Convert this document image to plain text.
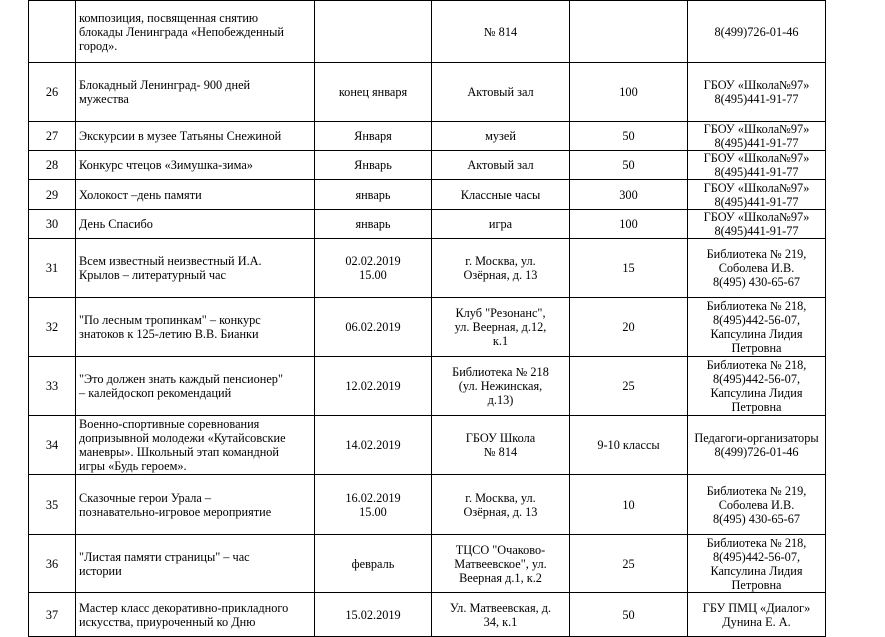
	композиция, посвященная снятию
блокады Ленинграда «Непобежденный
город».		№ 814		8(499)726-01-46

26	Блокадный Ленинград- 900 дней
мужества	конец января	Актовый зал	100	ГБОУ «Школа№97»
8(495)441-91-77

27	Экскурсии в музее Татьяны Снежиной	Января	музей	50	ГБОУ «Школа№97»
8(495)441-91-77

28	Конкурс чтецов «Зимушка-зима»	Январь	Актовый зал	50	ГБОУ «Школа№97»
8(495)441-91-77

29	Холокост –день памяти	январь	Классные часы	300	ГБОУ «Школа№97»
8(495)441-91-77

30	День Спасибо	январь	игра	100	ГБОУ «Школа№97»
8(495)441-91-77

31	Всем известный неизвестный И.А.
Крылов – литературный час	02.02.2019
15.00	г. Москва, ул.
Озёрная, д. 13	15	Библиотека № 219,
Соболева И.В.
8(495) 430-65-67

32	"По лесным тропинкам" – конкурс
знатоков к 125-летию В.В. Бианки	06.02.2019	Клуб "Резонанс",
ул. Веерная, д.12,
к.1	20	Библиотека № 218,
8(495)442-56-07,
Капсулина Лидия
Петровна

33	"Это должен знать каждый пенсионер"
– калейдоскоп рекомендаций	12.02.2019	Библиотека № 218
(ул. Нежинская,
д.13)	25	Библиотека № 218,
8(495)442-56-07,
Капсулина Лидия
Петровна

34	Военно-спортивные соревнования
допризывной молодежи «Кутайсовские
маневры». Школьный этап командной
игры «Будь героем».	14.02.2019	ГБОУ Школа
№ 814	9-10 классы	Педагоги-организаторы
8(499)726-01-46

35	Сказочные герои Урала –
познавательно-игровое мероприятие	16.02.2019
15.00	г. Москва, ул.
Озёрная, д. 13	10	Библиотека № 219,
Соболева И.В.
8(495) 430-65-67

36	"Листая памяти страницы" – час
истории	февраль	ТЦСО "Очаково-
Матвеевское", ул.
Веерная д.1, к.2	25	Библиотека № 218,
8(495)442-56-07,
Капсулина Лидия
Петровна

37	Мастер класс декоративно-прикладного
искусства, приуроченный ко Дню	15.02.2019	Ул. Матвеевская, д.
34, к.1	50	ГБУ ПМЦ «Диалог»
Дунина Е. А.
